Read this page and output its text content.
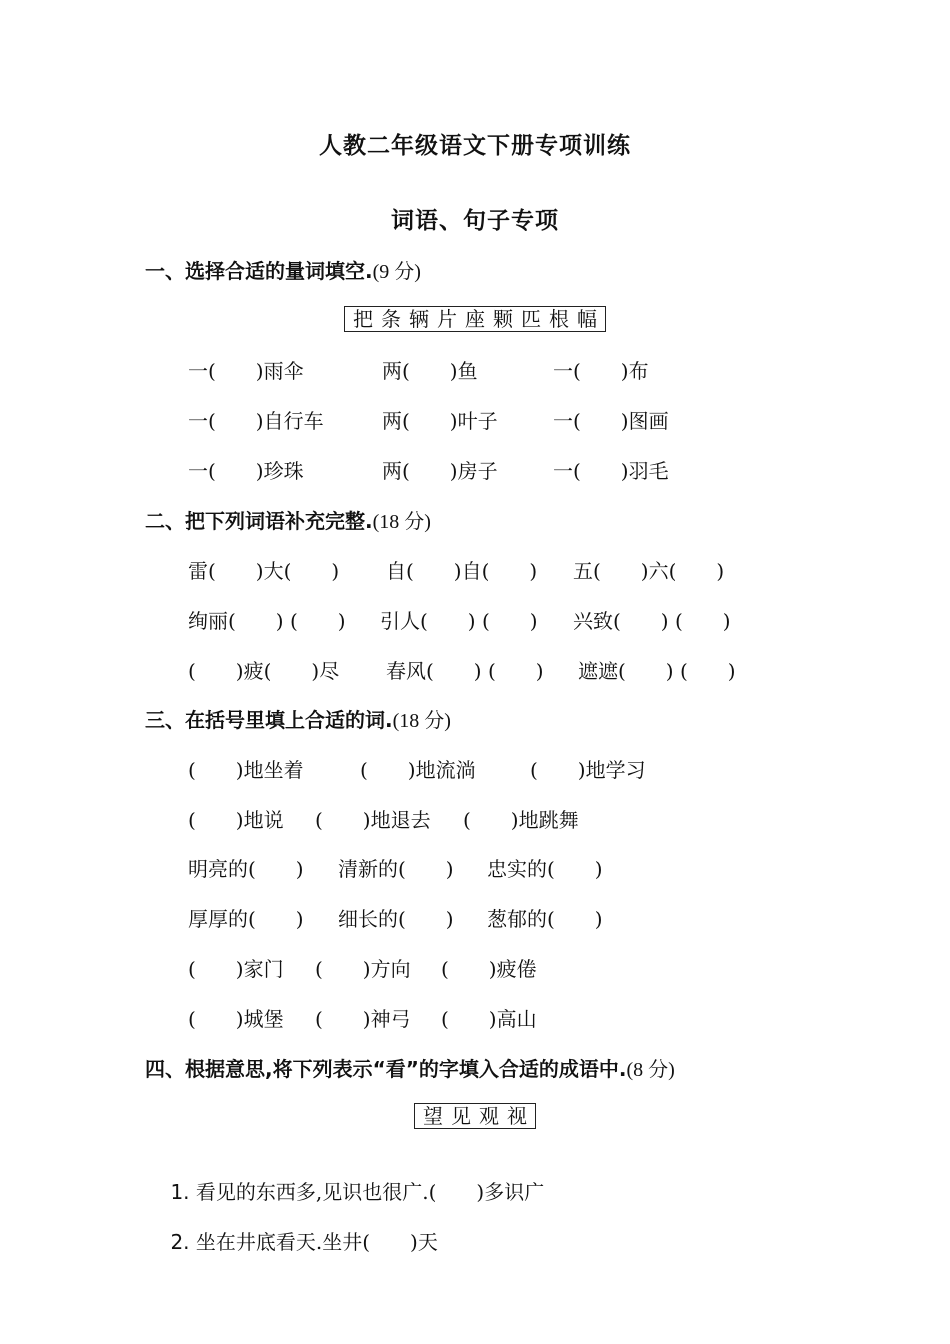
人教二年级语文下册专项训练
词语、句子专项
一、选择合适的量词填空.(9 分)
把 条 辆 片 座 颗 匹 根 幅
一(　　)雨伞	两(　　)鱼	一(　　)布
一(　　)自行车	两(　　)叶子	一(　　)图画
一(　　)珍珠	两(　　)房子	一(　　)羽毛
二、把下列词语补充完整.(18 分)
雷(　　)大(　　) 自(　　)自(　　) 五(　　)六(　　)
绚丽(　　) (　　) 引人(　　) (　　) 兴致(　　) (　　)
(　　)疲(　　)尽 春风(　　) (　　) 遮遮(　　) (　　)
三、在括号里填上合适的词.(18 分)
(　　)地坐着	(　　)地流淌	(　　)地学习
(　　)地说 (　　)地退去 (　　)地跳舞
明亮的(　　) 清新的(　　) 忠实的(　　)
厚厚的(　　) 细长的(　　) 葱郁的(　　)
(　　)家门 (　　)方向 (　　)疲倦
(　　)城堡 (　　)神弓 (　　)高山
四、根据意思,将下列表示“看”的字填入合适的成语中.(8 分)
望 见 观 视

1. 看见的东西多,见识也很广.(　　)多识广

2. 坐在井底看天.坐井(　　)天
